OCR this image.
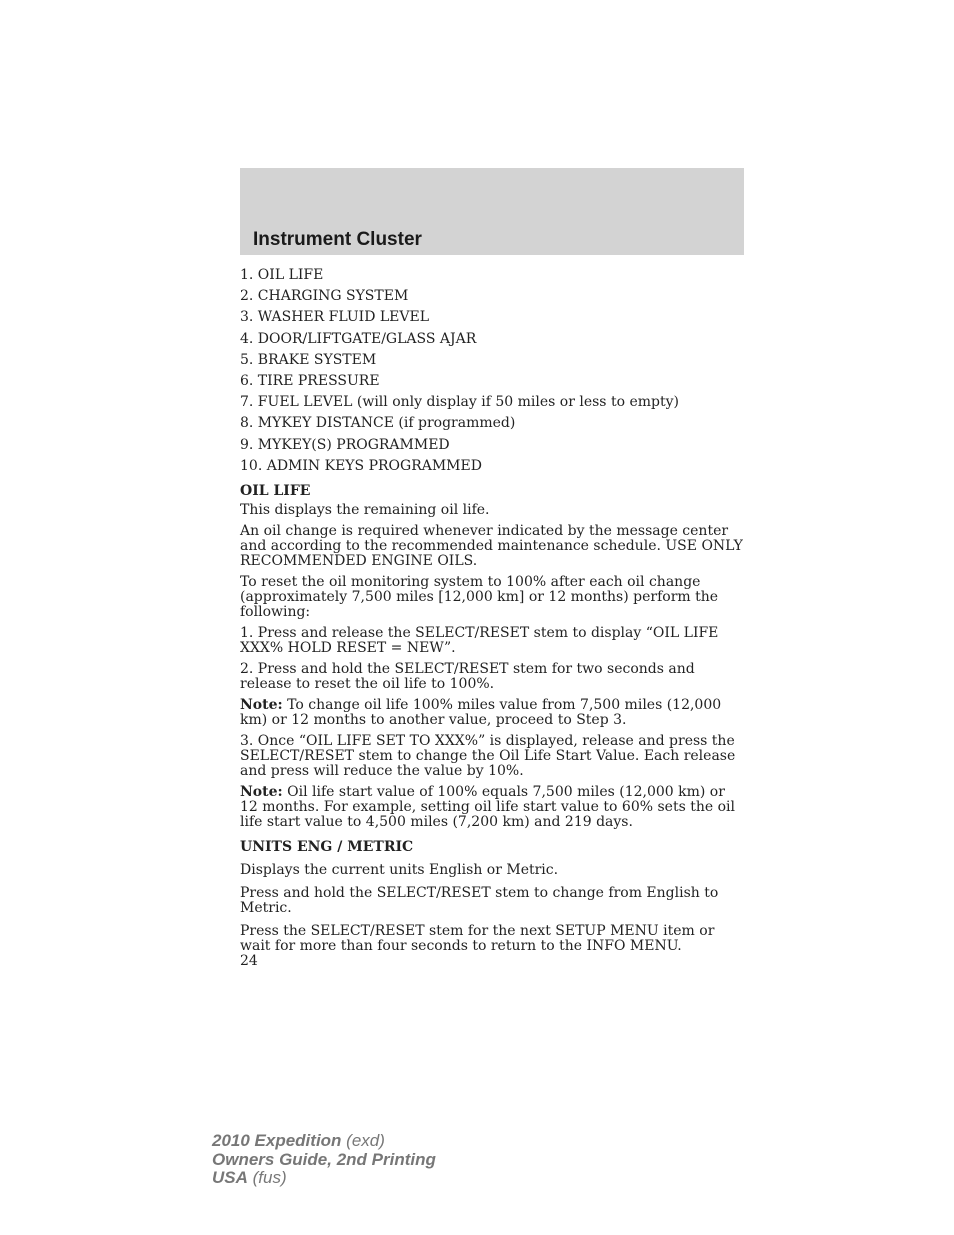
Instrument Cluster

1. OIL LIFE

2. CHARGING SYSTEM

3. WASHER FLUID LEVEL

4. DOOR/LIFTGATE/GLASS AJAR

5. BRAKE SYSTEM

6. TIRE PRESSURE

7. FUEL LEVEL (will only display if 50 miles or less to empty)

8. MYKEY DISTANCE (if programmed)

9. MYKEY(S) PROGRAMMED

10. ADMIN KEYS PROGRAMMED

OIL LIFE

This displays the remaining oil life.

An oil change is required whenever indicated by the message center and according to the recommended maintenance schedule. USE ONLY RECOMMENDED ENGINE OILS.

To reset the oil monitoring system to 100% after each oil change (approximately 7,500 miles [12,000 km] or 12 months) perform the following:

1. Press and release the SELECT/RESET stem to display “OIL LIFE XXX% HOLD RESET = NEW”.

2. Press and hold the SELECT/RESET stem for two seconds and release to reset the oil life to 100%.

Note: To change oil life 100% miles value from 7,500 miles (12,000 km) or 12 months to another value, proceed to Step 3.

3. Once “OIL LIFE SET TO XXX%” is displayed, release and press the SELECT/RESET stem to change the Oil Life Start Value. Each release and press will reduce the value by 10%.

Note: Oil life start value of 100% equals 7,500 miles (12,000 km) or 12 months. For example, setting oil life start value to 60% sets the oil life start value to 4,500 miles (7,200 km) and 219 days.

UNITS ENG / METRIC

Displays the current units English or Metric.

Press and hold the SELECT/RESET stem to change from English to Metric.

Press the SELECT/RESET stem for the next SETUP MENU item or wait for more than four seconds to return to the INFO MENU.

24

2010 Expedition (exd)
Owners Guide, 2nd Printing
USA (fus)
